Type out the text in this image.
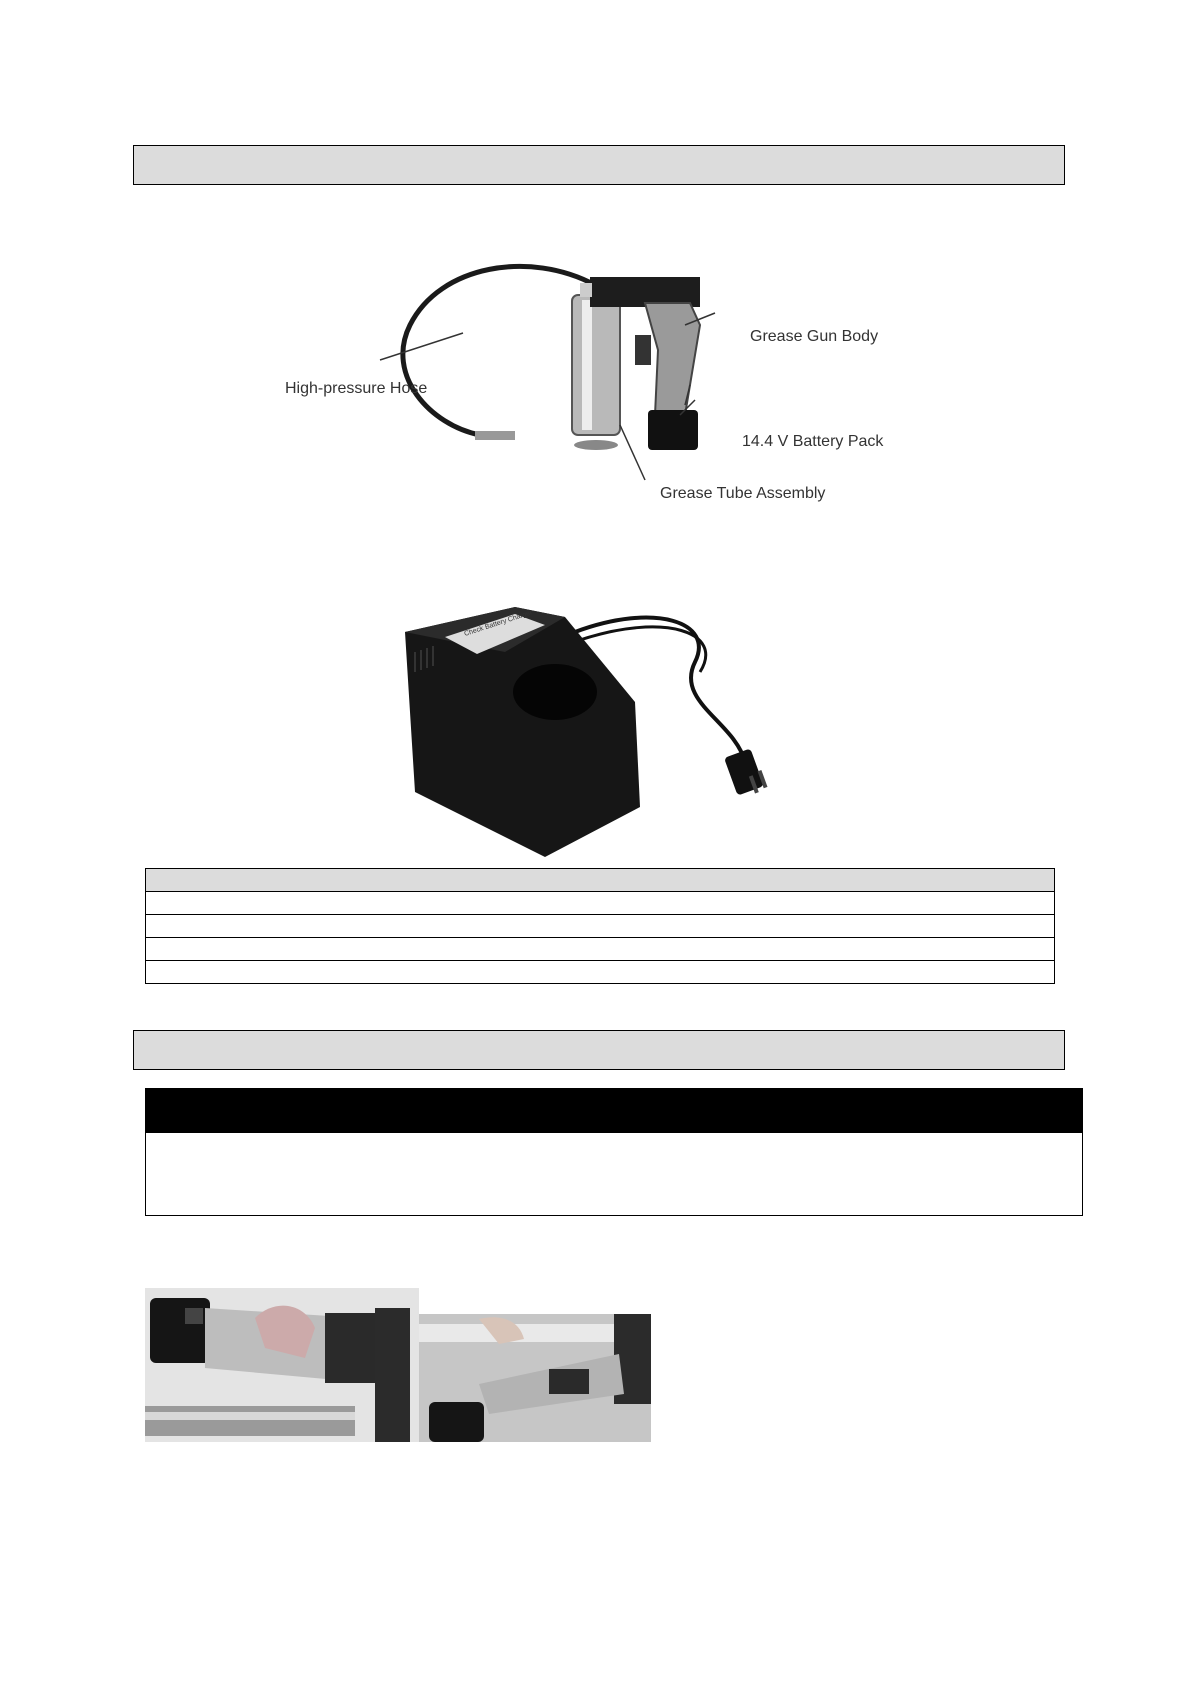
High-pressure Hose
Grease Gun Body
14.4 V Battery Pack
Grease Tube Assembly
Check Battery Charger
